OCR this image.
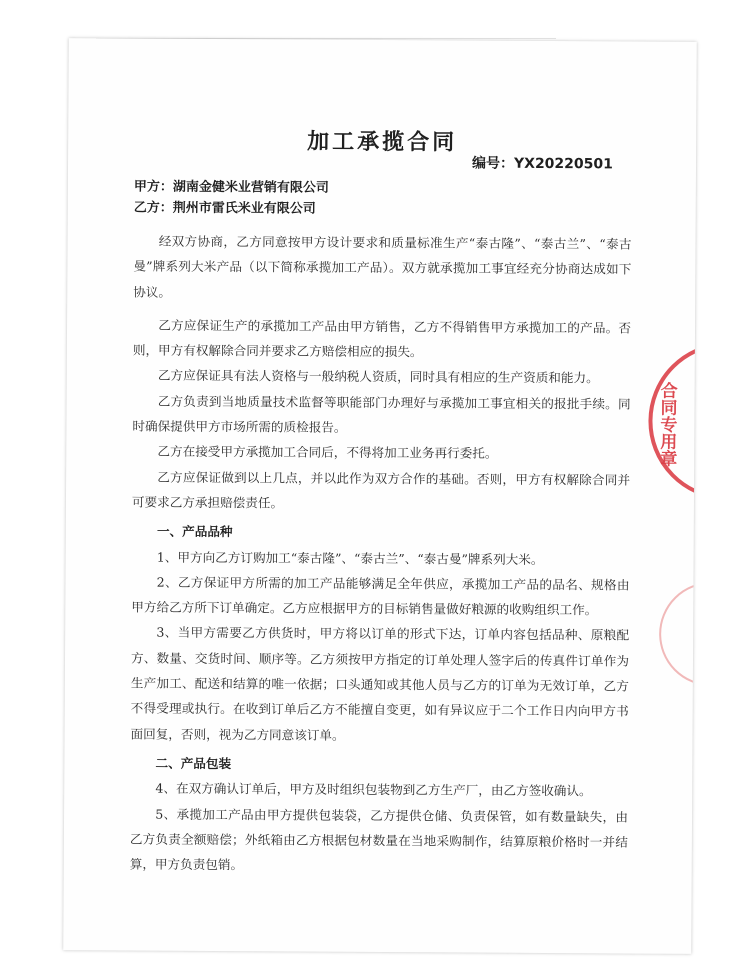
加工承揽合同
编号：YX20220501
甲方：湖南金健米业营销有限公司
乙方：荆州市雷氏米业有限公司

经双方协商，乙方同意按甲方设计要求和质量标准生产“泰古隆”、“泰古兰”、“泰古曼”牌系列大米产品（以下简称承揽加工产品）。双方就承揽加工事宜经充分协商达成如下协议。

乙方应保证生产的承揽加工产品由甲方销售，乙方不得销售甲方承揽加工的产品。否则，甲方有权解除合同并要求乙方赔偿相应的损失。

乙方应保证具有法人资格与一般纳税人资质，同时具有相应的生产资质和能力。

乙方负责到当地质量技术监督等职能部门办理好与承揽加工事宜相关的报批手续。同时确保提供甲方市场所需的质检报告。

乙方在接受甲方承揽加工合同后，不得将加工业务再行委托。

乙方应保证做到以上几点，并以此作为双方合作的基础。否则，甲方有权解除合同并可要求乙方承担赔偿责任。

一、产品品种

1、甲方向乙方订购加工“泰古隆”、“泰古兰”、“泰古曼”牌系列大米。

2、乙方保证甲方所需的加工产品能够满足全年供应，承揽加工产品的品名、规格由甲方给乙方所下订单确定。乙方应根据甲方的目标销售量做好粮源的收购组织工作。

3、当甲方需要乙方供货时，甲方将以订单的形式下达，订单内容包括品种、原粮配方、数量、交货时间、顺序等。乙方须按甲方指定的订单处理人签字后的传真件订单作为生产加工、配送和结算的唯一依据；口头通知或其他人员与乙方的订单为无效订单，乙方不得受理或执行。在收到订单后乙方不能擅自变更，如有异议应于二个工作日内向甲方书面回复，否则，视为乙方同意该订单。

二、产品包装

4、在双方确认订单后，甲方及时组织包装物到乙方生产厂，由乙方签收确认。

5、承揽加工产品由甲方提供包装袋，乙方提供仓储、负责保管，如有数量缺失，由乙方负责全额赔偿；外纸箱由乙方根据包材数量在当地采购制作，结算原粮价格时一并结算，甲方负责包销。

合同专用章
